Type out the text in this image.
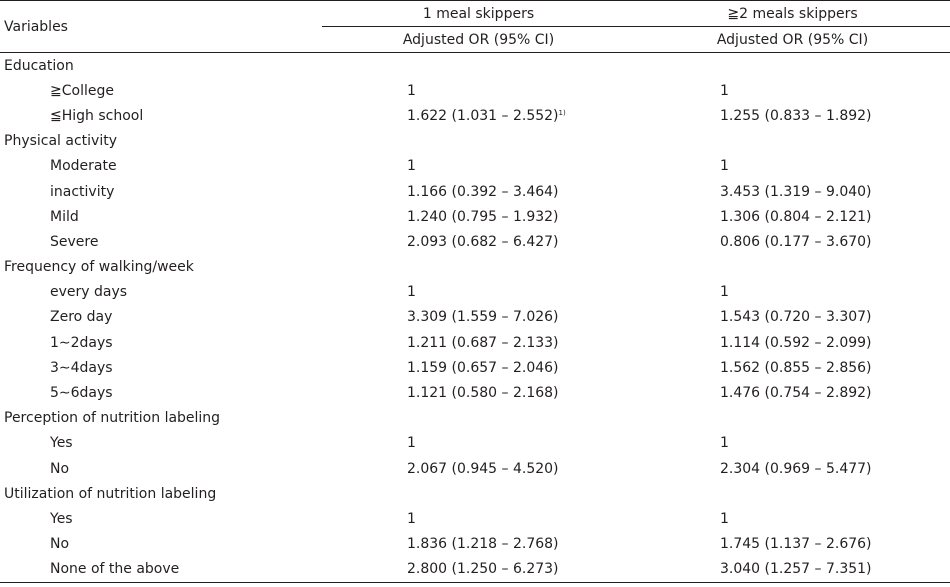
Variables	1 meal skippers	≧2 meals skippers
	Adjusted OR (95% CI)	Adjusted OR (95% CI)
Education		
≧College	1	1
≦High school	1.622 (1.031 – 2.552)$^{1)}$	1.255 (0.833 – 1.892)
Physical activity		
Moderate	1	1
inactivity	1.166 (0.392 – 3.464)	3.453 (1.319 – 9.040)
Mild	1.240 (0.795 – 1.932)	1.306 (0.804 – 2.121)
Severe	2.093 (0.682 – 6.427)	0.806 (0.177 – 3.670)
Frequency of walking/week		
every days	1	1
Zero day	3.309 (1.559 – 7.026)	1.543 (0.720 – 3.307)
1∼2days	1.211 (0.687 – 2.133)	1.114 (0.592 – 2.099)
3∼4days	1.159 (0.657 – 2.046)	1.562 (0.855 – 2.856)
5∼6days	1.121 (0.580 – 2.168)	1.476 (0.754 – 2.892)
Perception of nutrition labeling		
Yes	1	1
No	2.067 (0.945 – 4.520)	2.304 (0.969 – 5.477)
Utilization of nutrition labeling		
Yes	1	1
No	1.836 (1.218 – 2.768)	1.745 (1.137 – 2.676)
None of the above	2.800 (1.250 – 6.273)	3.040 (1.257 – 7.351)
